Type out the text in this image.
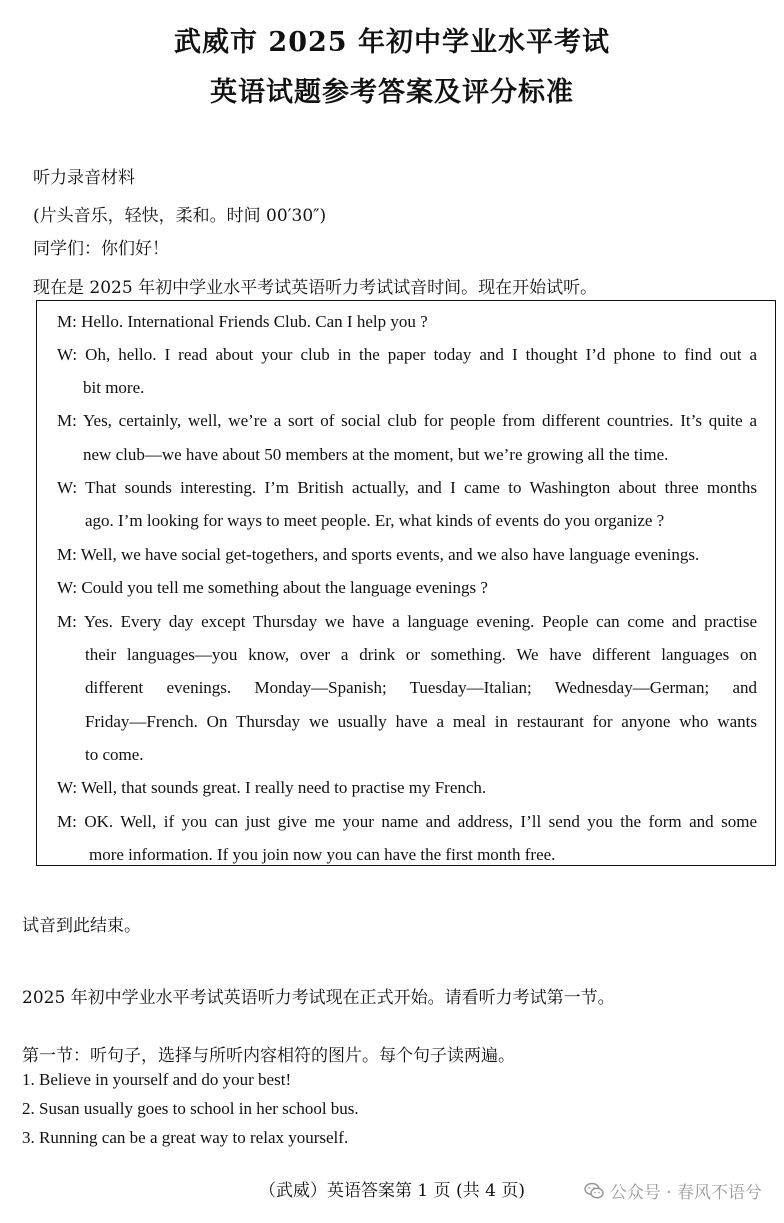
武威市 2025 年初中学业水平考试
英语试题参考答案及评分标准
听力录音材料
(片头音乐，轻快，柔和。时间 00′30″)
同学们：你们好！
现在是 2025 年初中学业水平考试英语听力考试试音时间。现在开始试听。
M: Hello. International Friends Club. Can I help you ?
W: Oh, hello. I read about your club in the paper today and I thought I’d phone to find out a
bit more.
M: Yes, certainly, well, we’re a sort of social club for people from different countries. It’s quite a
new club—we have about 50 members at the moment, but we’re growing all the time.
W: That sounds interesting. I’m British actually, and I came to Washington about three months
ago. I’m looking for ways to meet people. Er, what kinds of events do you organize ?
M: Well, we have social get-togethers, and sports events, and we also have language evenings.
W: Could you tell me something about the language evenings ?
M: Yes. Every day except Thursday we have a language evening. People can come and practise
their languages—you know, over a drink or something. We have different languages on
different evenings. Monday—Spanish; Tuesday—Italian; Wednesday—German; and
Friday—French. On Thursday we usually have a meal in restaurant for anyone who wants
to come.
W: Well, that sounds great. I really need to practise my French.
M: OK. Well, if you can just give me your name and address, I’ll send you the form and some
more information. If you join now you can have the first month free.
试音到此结束。
2025 年初中学业水平考试英语听力考试现在正式开始。请看听力考试第一节。
第一节：听句子，选择与所听内容相符的图片。每个句子读两遍。
1. Believe in yourself and do your best!
2. Susan usually goes to school in her school bus.
3. Running can be a great way to relax yourself.
（武威）英语答案第 1 页 (共 4 页)	公众号 · 春风不语兮
